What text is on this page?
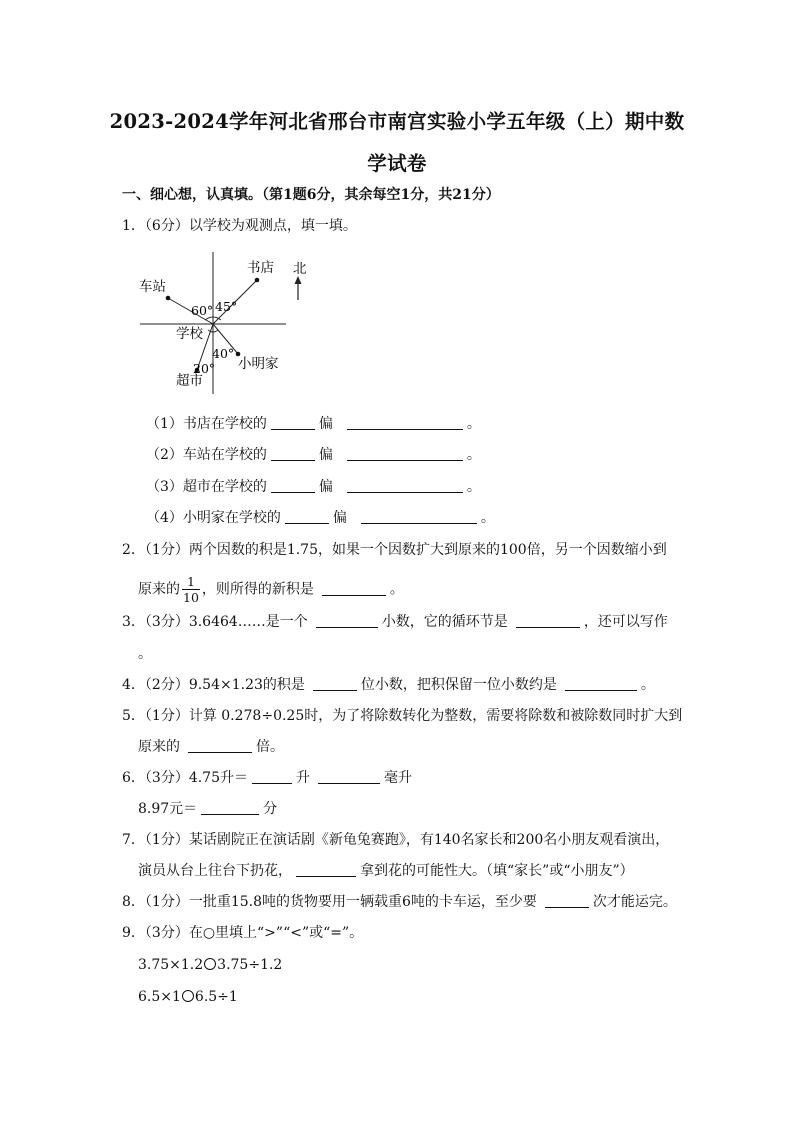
2023-2024学年河北省邢台市南宫实验小学五年级（上）期中数
学试卷
一、细心想，认真填。（第1题6分，其余每空1分，共21分）
1．（6分）以学校为观测点，填一填。
书店 北
车站
60° 45°
学校
40°
20° 小明家
超市
（1）书店在学校的	偏	。
（2）车站在学校的	偏	。
（3）超市在学校的	偏	。
（4）小明家在学校的	偏	。
2．（1分）两个因数的积是1.75，如果一个因数扩大到原来的100倍，另一个因数缩小到
原来的 $\frac{1}{10}$ ，则所得的新积是	。
3．（3分）3.6464……是一个	小数，它的循环节是	，还可以写作
。
4．（2分）9.54×1.23的积是	位小数，把积保留一位小数约是	。
5．（1分）计算 0.278÷0.25时，为了将除数转化为整数，需要将除数和被除数同时扩大到
原来的	倍。
6．（3分）4.75升＝	升	毫升
8.97元＝	分
7．（1分）某话剧院正在演话剧《新龟兔赛跑》，有140名家长和200名小朋友观看演出，
演员从台上往台下扔花，	拿到花的可能性大。（填“家长”或“小朋友”）
8．（1分）一批重15.8吨的货物要用一辆载重6吨的卡车运，至少要	次才能运完。
9．（3分）在○里填上“>”“<”或“=”。
3.75×1.2 3.75÷1.2
6.5×1 6.5÷1
